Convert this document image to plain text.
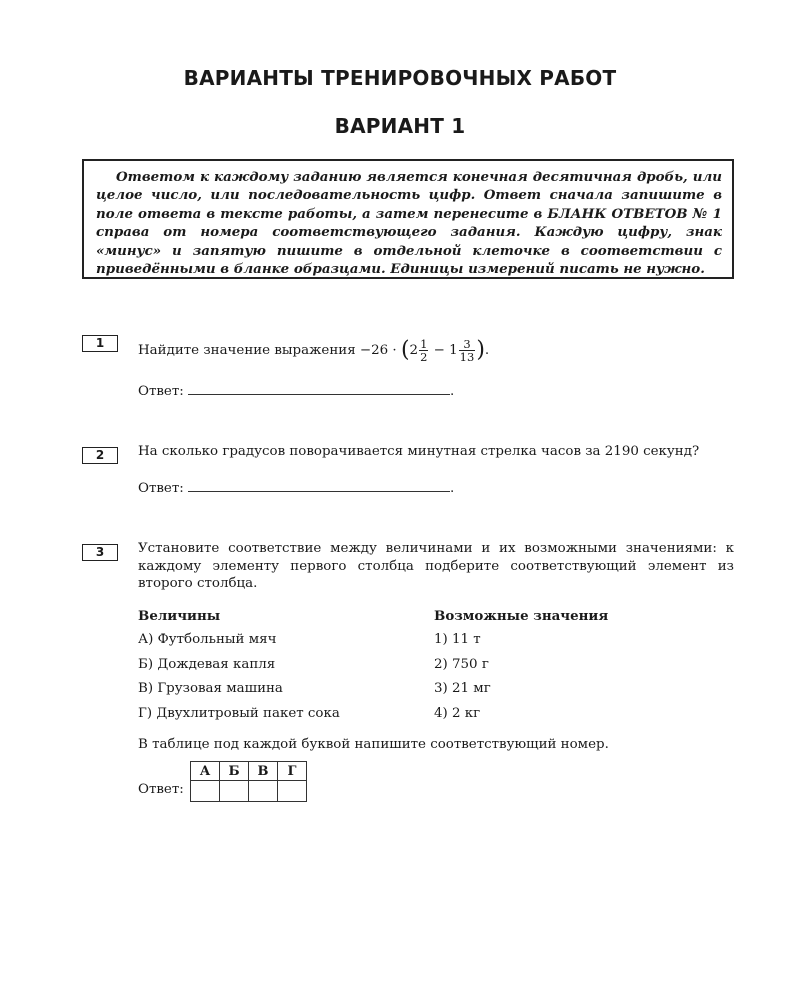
ВАРИАНТЫ ТРЕНИРОВОЧНЫХ РАБОТ
ВАРИАНТ 1

Ответом к каждому заданию является конечная десятичная дробь, или целое число, или последовательность цифр. Ответ сначала запишите в поле ответа в тексте работы, а затем перенесите в БЛАНК ОТВЕТОВ № 1 справа от номера соответствующего задания. Каждую цифру, знак «минус» и запятую пишите в отдельной клеточке в соответствии с приведёнными в бланке образцами. Единицы измерений писать не нужно.

1	Найдите значение выражения $-26 \cdot (2 \frac{1}{2} - 1 \frac{3}{13}$ ).
Ответ:	.
2	На сколько градусов поворачивается минутная стрелка часов за 2190 секунд?
Ответ:	.
3	Установите соответствие между величинами и их возможными значениями: к каждому элементу первого столбца подберите соответствующий элемент из второго столбца.
Величины	Возможные значения
А) Футбольный мяч	1) 11 т
Б) Дождевая капля	2) 750 г
В) Грузовая машина	3) 21 мг
Г) Двухлитровый пакет сока	4) 2 кг
В таблице под каждой буквой напишите соответствующий номер.
Ответ:
А	Б	В	Г
